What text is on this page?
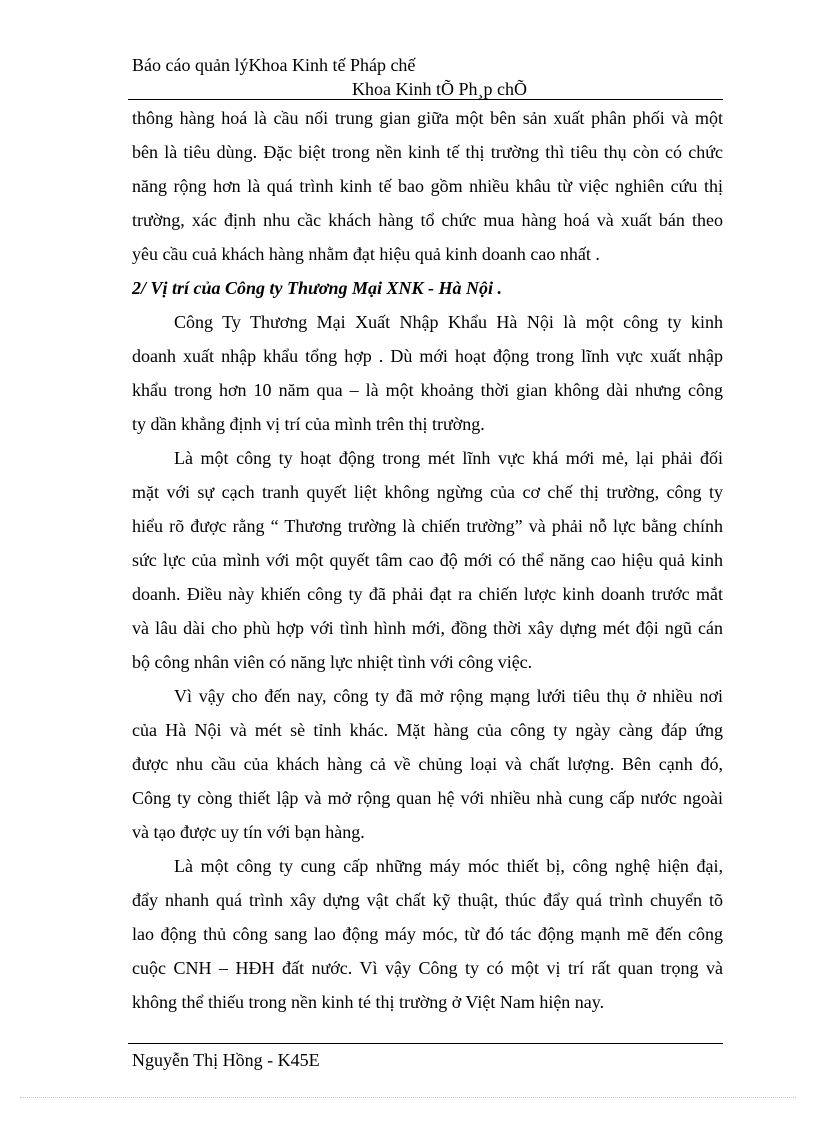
Báo cáo quản lýKhoa Kinh tế Pháp chế
Khoa Kinh tÕ Ph¸p chÕ

thông hàng hoá là cầu nối trung gian giữa một bên sản xuất phân phối và một
bên là tiêu dùng. Đặc biệt trong nền kinh tế thị trường thì tiêu thụ còn có chức
năng rộng hơn là quá trình kinh tế bao gồm nhiều khâu từ việc nghiên cứu thị
trường, xác định nhu cầc khách hàng tổ chức mua hàng hoá và xuất bán theo
yêu cầu cuả khách hàng nhằm đạt hiệu quả kinh doanh cao nhất .

2/ Vị trí của Công ty Thương Mại XNK - Hà Nội .

Công Ty Thương Mại Xuất Nhập Khẩu Hà Nội là một công ty kinh
doanh xuất nhập khẩu tổng hợp . Dù mới hoạt động trong lĩnh vực xuất nhập
khẩu trong hơn 10 năm qua – là một khoảng thời gian không dài nhưng công
ty dần khẳng định vị trí của mình trên thị trường.

Là một công ty hoạt động trong mét lĩnh vực khá mới mẻ, lại phải đối
mặt với sự cạch tranh quyết liệt không ngừng của cơ chế thị trường, công ty
hiểu rõ được rằng “ Thương trường là chiến trường” và phải nỗ lực bằng chính
sức lực của mình với một quyết tâm cao độ mới có thể năng cao hiệu quả kinh
doanh. Điều này khiến công ty đã phải đạt ra chiến lược kinh doanh trước mắt
và lâu dài cho phù hợp với tình hình mới, đồng thời xây dựng mét đội ngũ cán
bộ công nhân viên có năng lực nhiệt tình với công việc.

Vì vậy cho đến nay, công ty đã mở rộng mạng lưới tiêu thụ ở nhiều nơi
của Hà Nội và mét sè tỉnh khác. Mặt hàng của công ty ngày càng đáp ứng
được nhu cầu của khách hàng cả về chủng loại và chất lượng. Bên cạnh đó,
Công ty còng thiết lập và mở rộng quan hệ với nhiều nhà cung cấp nước ngoài
và tạo được uy tín với bạn hàng.

Là một công ty cung cấp những máy móc thiết bị, công nghệ hiện đại,
đẩy nhanh quá trình xây dựng vật chất kỹ thuật, thúc đẩy quá trình chuyển tõ
lao động thủ công sang lao động máy móc, từ đó tác động mạnh mẽ đến công
cuộc CNH – HĐH đất nước. Vì vậy Công ty có một vị trí rất quan trọng và
không thể thiếu trong nền kinh té thị trường ở Việt Nam hiện nay.

Nguyễn Thị Hồng - K45E
